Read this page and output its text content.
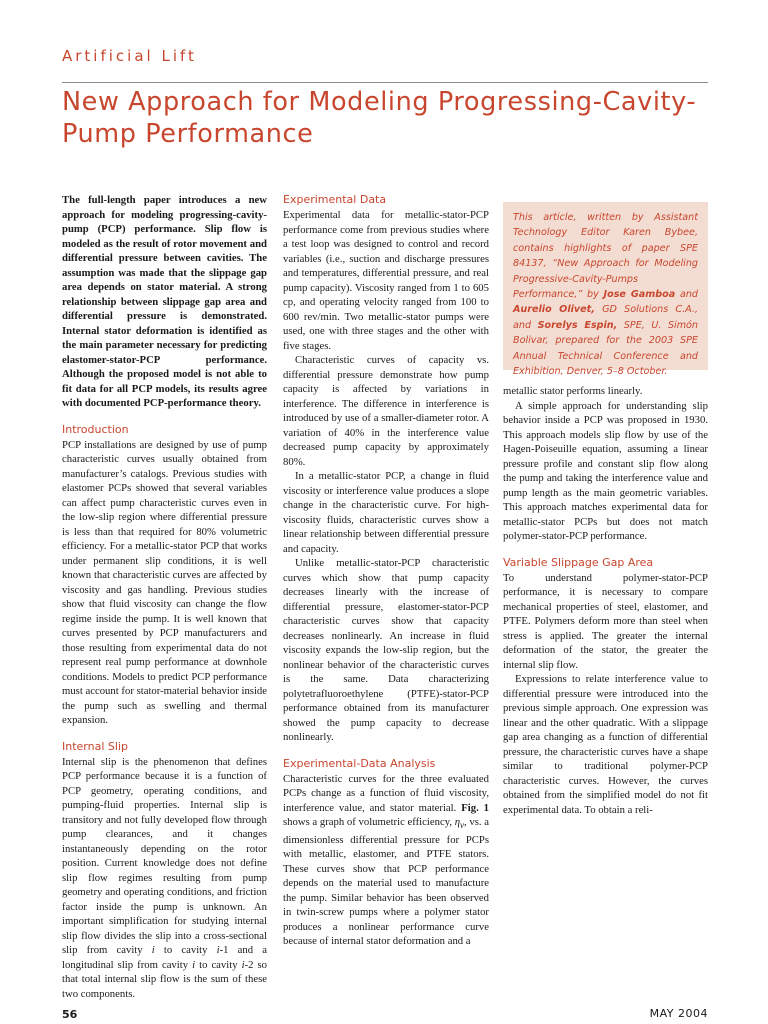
Artificial Lift
New Approach for Modeling Progressing-Cavity-Pump Performance

The full-length paper introduces a new approach for modeling progressing-cavity-pump (PCP) performance. Slip flow is modeled as the result of rotor movement and differential pressure between cavities. The assumption was made that the slippage gap area depends on stator material. A strong relationship between slippage gap area and differential pressure is demonstrated. Internal stator deformation is identified as the main parameter necessary for predicting elastomer-stator-PCP performance. Although the proposed model is not able to fit data for all PCP models, its results agree with documented PCP-performance theory.

Introduction

PCP installations are designed by use of pump characteristic curves usually obtained from manufacturer’s catalogs. Previous studies with elastomer PCPs showed that several variables can affect pump characteristic curves even in the low-slip region where differential pressure is less than that required for 80% volumetric efficiency. For a metallic-stator PCP that works under permanent slip conditions, it is well known that characteristic curves are affected by viscosity and gas handling. Previous studies show that fluid viscosity can change the flow regime inside the pump. It is well known that curves presented by PCP manufacturers and those resulting from experimental data do not represent real pump performance at downhole conditions. Models to predict PCP performance must account for stator-material behavior inside the pump such as swelling and thermal expansion.

Internal Slip

Internal slip is the phenomenon that defines PCP performance because it is a function of PCP geometry, operating conditions, and pumping-fluid properties. Internal slip is transitory and not fully developed flow through pump clearances, and it changes instantaneously depending on the rotor position. Current knowledge does not define slip flow regimes resulting from pump geometry and operating conditions, and friction factor inside the pump is unknown. An important simplification for studying internal slip flow divides the slip into a cross-sectional slip from cavity i to cavity i-1 and a longitudinal slip from cavity i to cavity i-2 so that total internal slip flow is the sum of these two components.

Experimental Data

Experimental data for metallic-stator-PCP performance come from previous studies where a test loop was designed to control and record variables (i.e., suction and discharge pressures and temperatures, differential pressure, and real pump capacity). Viscosity ranged from 1 to 605 cp, and operating velocity ranged from 100 to 600 rev/min. Two metallic-stator pumps were used, one with three stages and the other with five stages.

Characteristic curves of capacity vs. differential pressure demonstrate how pump capacity is affected by variations in interference. The difference in interference is introduced by use of a smaller-diameter rotor. A variation of 40% in the interference value decreased pump capacity by approximately 80%.

In a metallic-stator PCP, a change in fluid viscosity or interference value produces a slope change in the characteristic curve. For high-viscosity fluids, characteristic curves show a linear relationship between differential pressure and capacity.

Unlike metallic-stator-PCP characteristic curves which show that pump capacity decreases linearly with the increase of differential pressure, elastomer-stator-PCP characteristic curves show that capacity decreases nonlinearly. An increase in fluid viscosity expands the low-slip region, but the nonlinear behavior of the characteristic curves is the same. Data characterizing polytetrafluoroethylene (PTFE)-stator-PCP performance obtained from its manufacturer showed the pump capacity to decrease nonlinearly.

Experimental-Data Analysis

Characteristic curves for the three evaluated PCPs change as a function of fluid viscosity, interference value, and stator material. Fig. 1 shows a graph of volumetric efficiency, $\eta_v$, vs. a dimensionless differential pressure for PCPs with metallic, elastomer, and PTFE stators. These curves show that PCP performance depends on the material used to manufacture the pump. Similar behavior has been observed in twin-screw pumps where a polymer stator produces a nonlinear performance curve because of internal stator deformation and a

This article, written by Assistant Technology Editor Karen Bybee, contains highlights of paper SPE 84137, “New Approach for Modeling Progressive-Cavity-Pumps Performance,” by Jose Gamboa and Aurelio Olivet, GD Solutions C.A., and Sorelys Espin, SPE, U. Simón Bolivar, prepared for the 2003 SPE Annual Technical Conference and Exhibition, Denver, 5–8 October.

metallic stator performs linearly.

A simple approach for understanding slip behavior inside a PCP was proposed in 1930. This approach models slip flow by use of the Hagen-Poiseuille equation, assuming a linear pressure profile and constant slip flow along the pump and taking the interference value and pump length as the main geometric variables. This approach matches experimental data for metallic-stator PCPs but does not match polymer-stator-PCP performance.

Variable Slippage Gap Area

To understand polymer-stator-PCP performance, it is necessary to compare mechanical properties of steel, elastomer, and PTFE. Polymers deform more than steel when stress is applied. The greater the internal deformation of the stator, the greater the internal slip flow.

Expressions to relate interference value to differential pressure were introduced into the previous simple approach. One expression was linear and the other quadratic. With a slippage gap area changing as a function of differential pressure, the characteristic curves have a shape similar to traditional polymer-PCP characteristic curves. However, the curves obtained from the simplified model do not fit experimental data. To obtain a reli-

56	MAY 2004
